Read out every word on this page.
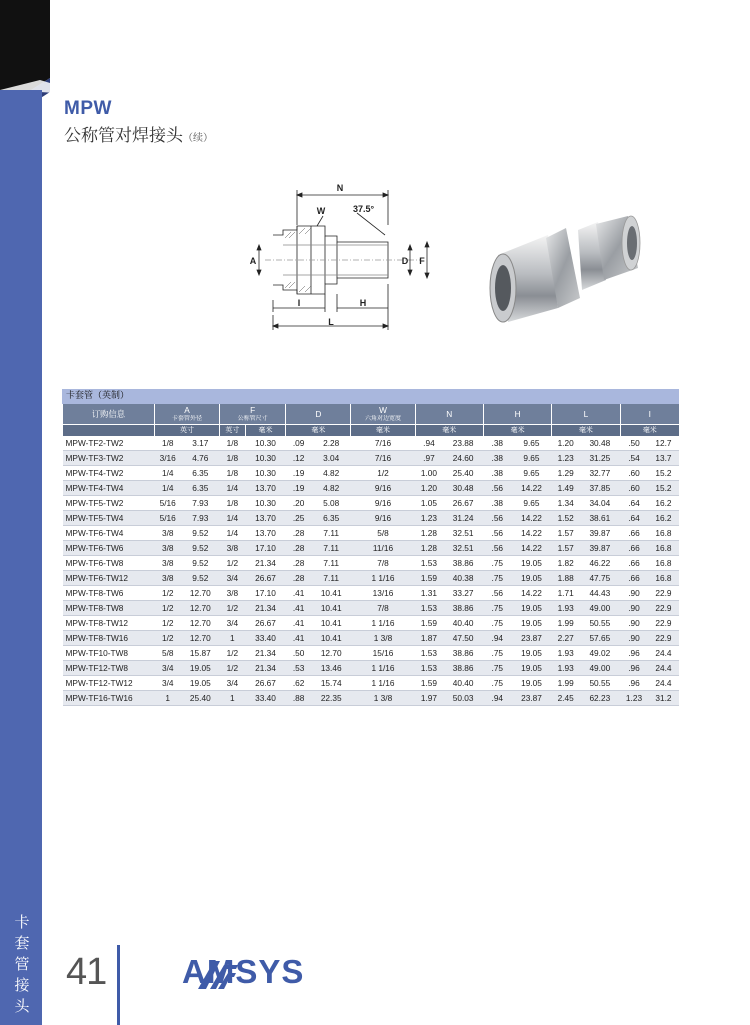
卡套管接头
MPW
公称管对焊接头（续）
N
W	37.5°
A	D F
I	H
L
卡套管（英制）
订购信息	A		F		D		W	N		H		L		I	
	卡套管外径		公称管尺寸				六角对边宽度								
	英寸		英寸	毫米	毫米		毫米	毫米		毫米		毫米		毫米	
MPW-TF2-TW2	1/8	3.17	1/8	10.30	.09	2.28	7/16	.94	23.88	.38	9.65	1.20	30.48	.50	12.7
MPW-TF3-TW2	3/16	4.76	1/8	10.30	.12	3.04	7/16	.97	24.60	.38	9.65	1.23	31.25	.54	13.7
MPW-TF4-TW2	1/4	6.35	1/8	10.30	.19	4.82	1/2	1.00	25.40	.38	9.65	1.29	32.77	.60	15.2
MPW-TF4-TW4	1/4	6.35	1/4	13.70	.19	4.82	9/16	1.20	30.48	.56	14.22	1.49	37.85	.60	15.2
MPW-TF5-TW2	5/16	7.93	1/8	10.30	.20	5.08	9/16	1.05	26.67	.38	9.65	1.34	34.04	.64	16.2
MPW-TF5-TW4	5/16	7.93	1/4	13.70	.25	6.35	9/16	1.23	31.24	.56	14.22	1.52	38.61	.64	16.2
MPW-TF6-TW4	3/8	9.52	1/4	13.70	.28	7.11	5/8	1.28	32.51	.56	14.22	1.57	39.87	.66	16.8
MPW-TF6-TW6	3/8	9.52	3/8	17.10	.28	7.11	11/16	1.28	32.51	.56	14.22	1.57	39.87	.66	16.8
MPW-TF6-TW8	3/8	9.52	1/2	21.34	.28	7.11	7/8	1.53	38.86	.75	19.05	1.82	46.22	.66	16.8
MPW-TF6-TW12	3/8	9.52	3/4	26.67	.28	7.11	1 1/16	1.59	40.38	.75	19.05	1.88	47.75	.66	16.8
MPW-TF8-TW6	1/2	12.70	3/8	17.10	.41	10.41	13/16	1.31	33.27	.56	14.22	1.71	44.43	.90	22.9
MPW-TF8-TW8	1/2	12.70	1/2	21.34	.41	10.41	7/8	1.53	38.86	.75	19.05	1.93	49.00	.90	22.9
MPW-TF8-TW12	1/2	12.70	3/4	26.67	.41	10.41	1 1/16	1.59	40.40	.75	19.05	1.99	50.55	.90	22.9
MPW-TF8-TW16	1/2	12.70	1	33.40	.41	10.41	1 3/8	1.87	47.50	.94	23.87	2.27	57.65	.90	22.9
MPW-TF10-TW8	5/8	15.87	1/2	21.34	.50	12.70	15/16	1.53	38.86	.75	19.05	1.93	49.02	.96	24.4
MPW-TF12-TW8	3/4	19.05	1/2	21.34	.53	13.46	1 1/16	1.53	38.86	.75	19.05	1.93	49.00	.96	24.4
MPW-TF12-TW12	3/4	19.05	3/4	26.67	.62	15.74	1 1/16	1.59	40.40	.75	19.05	1.99	50.55	.96	24.4
MPW-TF16-TW16	1	25.40	1	33.40	.88	22.35	1 3/8	1.97	50.03	.94	23.87	2.45	62.23	1.23	31.2
41 AMSYS
